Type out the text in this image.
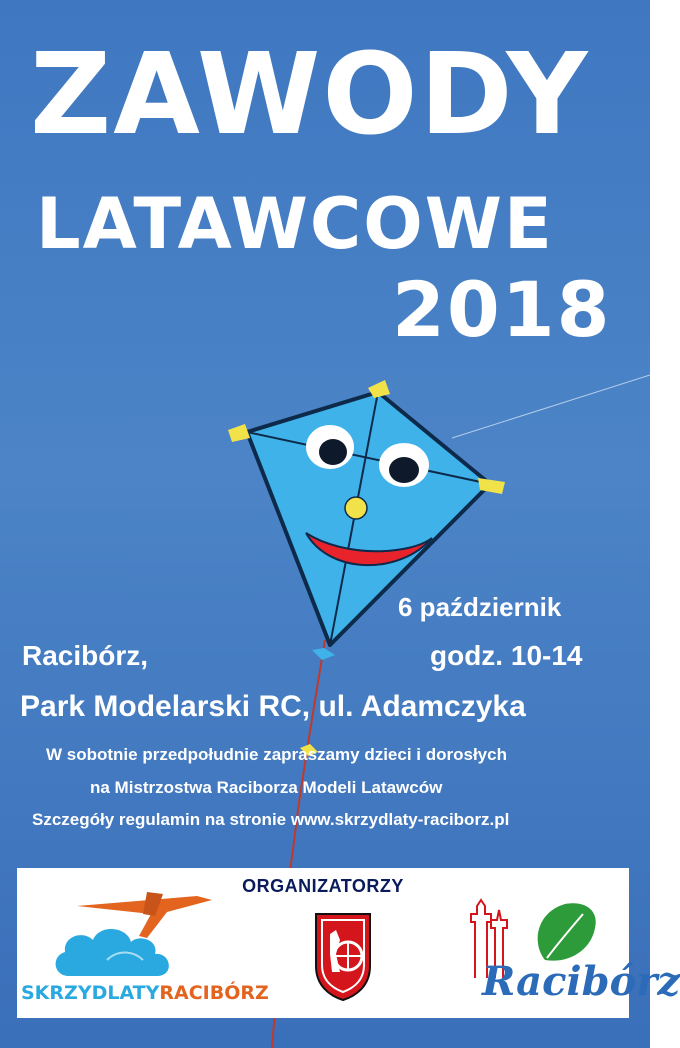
ZAWODY
LATAWCOWE
2018
6 październik
Racibórz,	godz. 10-14
Park Modelarski RC, ul. Adamczyka
W sobotnie przedpołudnie zapraszamy dzieci i dorosłych
na Mistrzostwa Raciborza Modeli Latawców
Szczegóły regulamin na stronie www.skrzydlaty-raciborz.pl
ORGANIZATORZY
SKRZYDLATYRACIBÓRZ	Racibórz
